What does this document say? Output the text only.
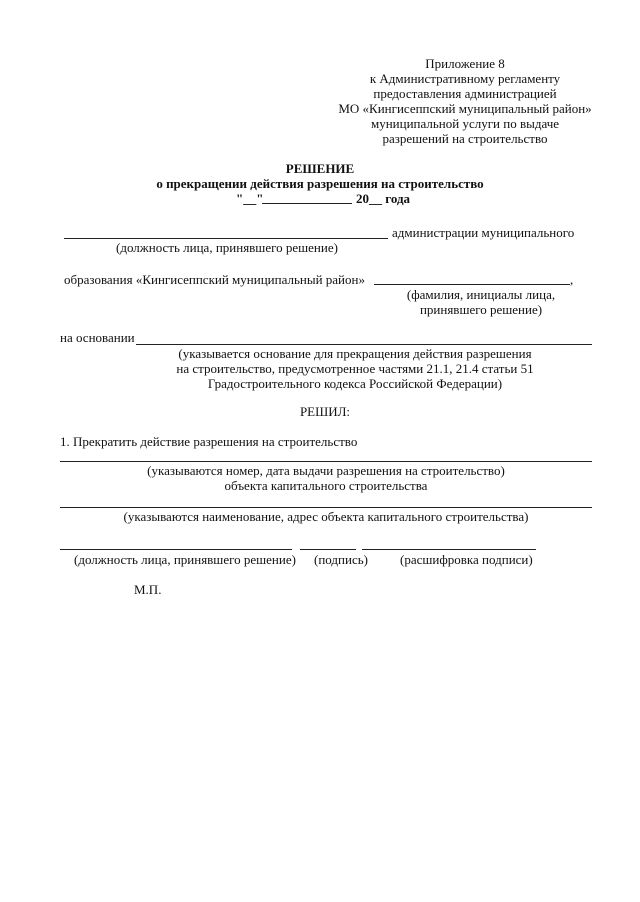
Приложение 8
к Административному регламенту
предоставления администрацией
МО «Кингисеппский муниципальный район»
муниципальной услуги по выдаче
разрешений на строительство
РЕШЕНИЕ
о прекращении действия разрешения на строительство
"__"	20__ года
администрации муниципального
(должность лица, принявшего решение)
образования «Кингисеппский муниципальный район»	,
(фамилия, инициалы лица,
принявшего решение)
на основании
(указывается основание для прекращения действия разрешения
на строительство, предусмотренное частями 21.1, 21.4 статьи 51
Градостроительного кодекса Российской Федерации)
РЕШИЛ:
1. Прекратить действие разрешения на строительство
(указываются номер, дата выдачи разрешения на строительство)
объекта капитального строительства
(указываются наименование, адрес объекта капитального строительства)
(должность лица, принявшего решение) (подпись) (расшифровка подписи)
М.П.
